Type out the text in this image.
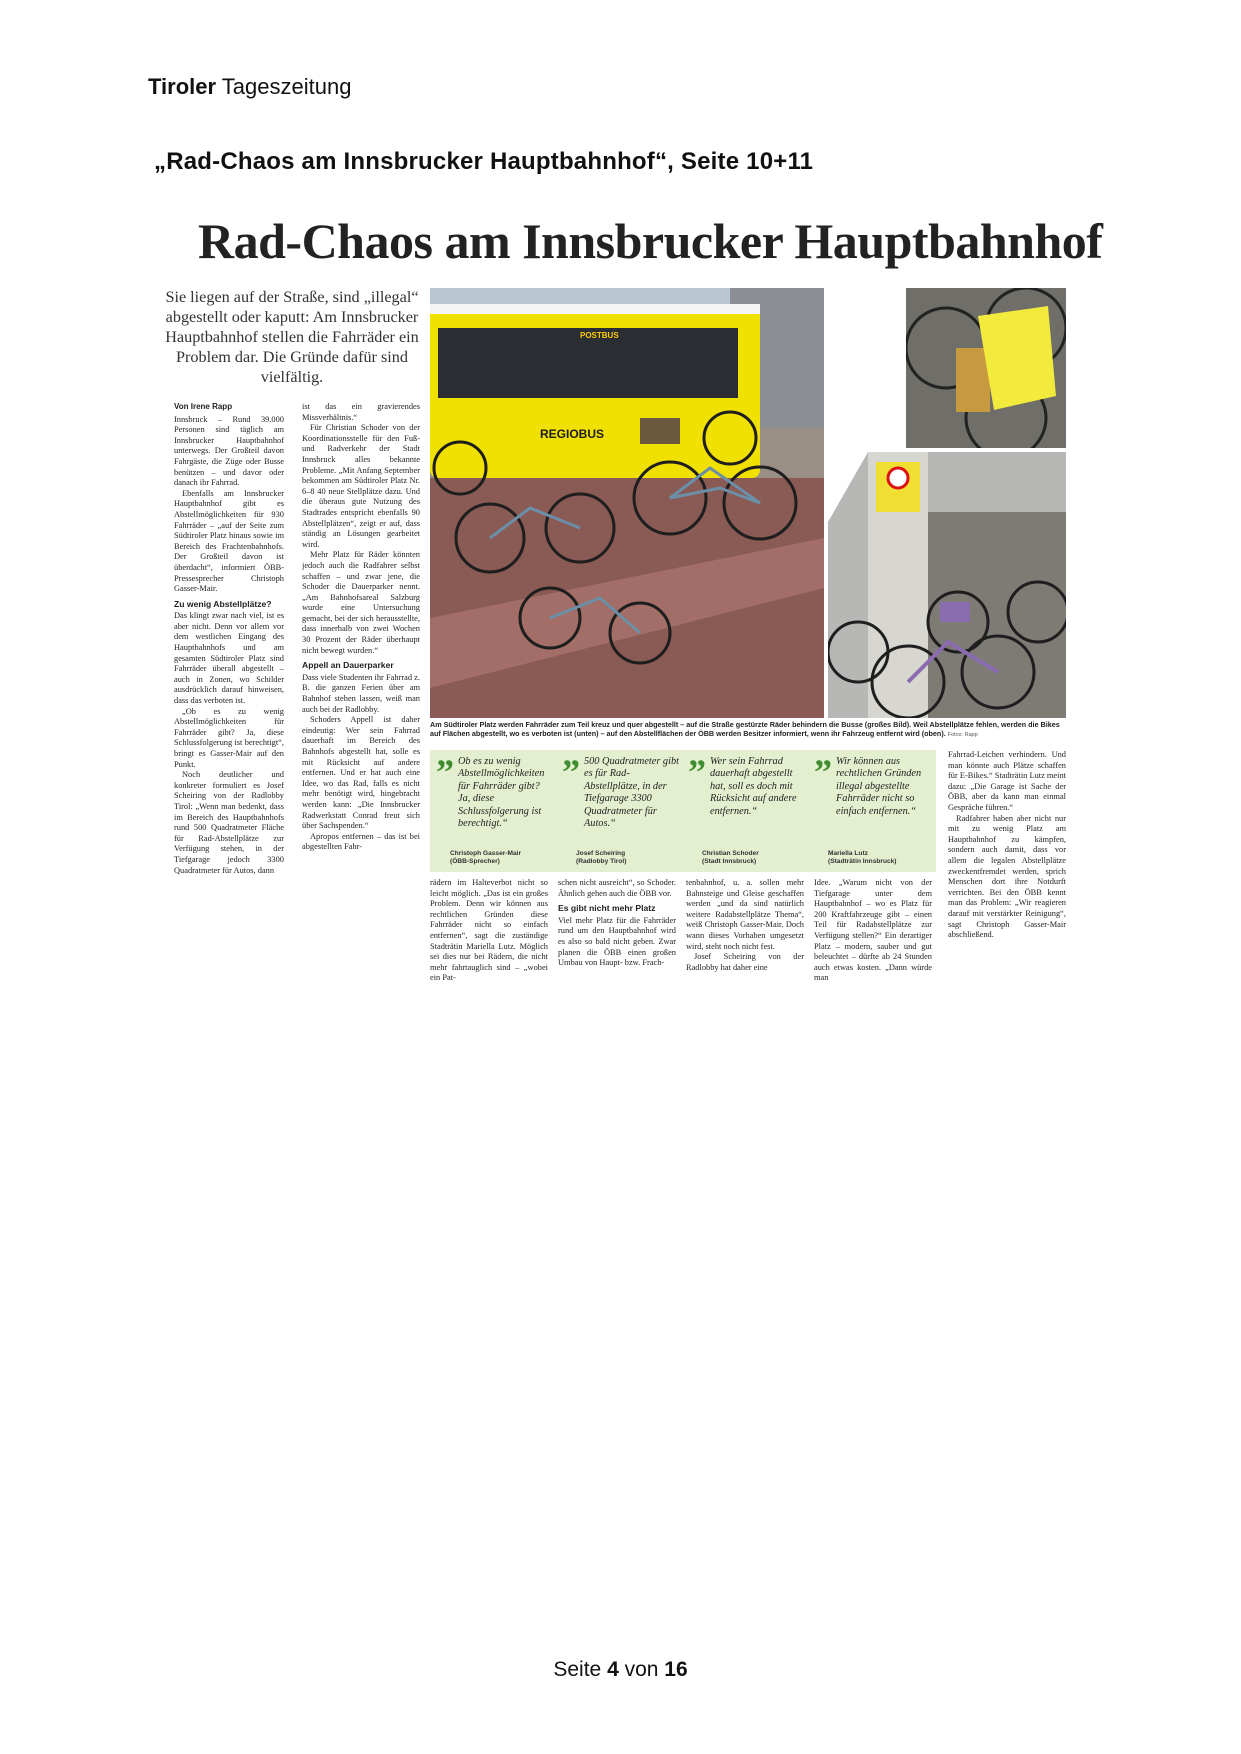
Tiroler Tageszeitung
„Rad-Chaos am Innsbrucker Hauptbahnhof“, Seite 10+11
Rad-Chaos am Innsbrucker Hauptbahnhof
Sie liegen auf der Straße, sind „illegal“ abgestellt oder kaputt: Am Innsbrucker Hauptbahnhof stellen die Fahrräder ein Problem dar. Die Gründe dafür sind vielfältig.
Von Irene Rapp

Innsbruck – Rund 39.000 Personen sind täglich am Innsbrucker Hauptbahnhof unterwegs. Der Großteil davon Fahrgäste, die Züge oder Busse benützen – und davor oder danach ihr Fahrrad.

Ebenfalls am Innsbrucker Hauptbahnhof gibt es Abstellmöglichkeiten für 930 Fahrräder – „auf der Seite zum Südtiroler Platz hinaus sowie im Bereich des Frachtenbahnhofs. Der Großteil davon ist überdacht“, informiert ÖBB-Pressesprecher Christoph Gasser-Mair.

Zu wenig Abstellplätze?

Das klingt zwar nach viel, ist es aber nicht. Denn vor allem vor dem westlichen Eingang des Hauptbahnhofs und am gesamten Südtiroler Platz sind Fahrräder überall abgestellt – auch in Zonen, wo Schilder ausdrücklich darauf hinweisen, dass das verboten ist.

„Ob es zu wenig Abstellmöglichkeiten für Fahrräder gibt? Ja, diese Schlussfolgerung ist berechtigt“, bringt es Gasser-Mair auf den Punkt.

Noch deutlicher und konkreter formuliert es Josef Scheiring von der Radlobby Tirol: „Wenn man bedenkt, dass im Bereich des Hauptbahnhofs rund 500 Quadratmeter Fläche für Rad-Abstellplätze zur Verfügung stehen, in der Tiefgarage jedoch 3300 Quadratmeter für Autos, dann

ist das ein gravierendes Missverhältnis.“

Für Christian Schoder von der Koordinationsstelle für den Fuß- und Radverkehr der Stadt Innsbruck alles bekannte Probleme. „Mit Anfang September bekommen am Südtiroler Platz Nr. 6–8 40 neue Stellplätze dazu. Und die überaus gute Nutzung des Stadtrades entspricht ebenfalls 90 Abstellplätzen“, zeigt er auf, dass ständig an Lösungen gearbeitet wird.

Mehr Platz für Räder könnten jedoch auch die Radfahrer selbst schaffen – und zwar jene, die Schoder die Dauerparker nennt. „Am Bahnhofsareal Salzburg wurde eine Untersuchung gemacht, bei der sich herausstellte, dass innerhalb von zwei Wochen 30 Prozent der Räder überhaupt nicht bewegt wurden.“

Appell an Dauerparker

Dass viele Studenten ihr Fahrrad z. B. die ganzen Ferien über am Bahnhof stehen lassen, weiß man auch bei der Radlobby.

Schoders Appell ist daher eindeutig: Wer sein Fahrrad dauerhaft im Bereich des Bahnhofs abgestellt hat, solle es mit Rücksicht auf andere entfernen. Und er hat auch eine Idee, wo das Rad, falls es nicht mehr benötigt wird, hingebracht werden kann: „Die Innsbrucker Radwerkstatt Conrad freut sich über Sachspenden.“

Apropos entfernen – das ist bei abgestellten Fahr-

REGIOBUS
POSTBUS
Am Südtiroler Platz werden Fahrräder zum Teil kreuz und quer abgestellt – auf die Straße gestürzte Räder behindern die Busse (großes Bild). Weil Abstellplätze fehlen, werden die Bikes auf Flächen abgestellt, wo es verboten ist (unten) – auf den Abstellflächen der ÖBB werden Besitzer informiert, wenn ihr Fahrzeug entfernt wird (oben). Fotos: Rapp
” Ob es zu wenig Abstellmöglichkeiten für Fahrräder gibt? Ja, diese Schlussfolgerung ist berechtigt.“
Christoph Gasser-Mair
(ÖBB-Sprecher)
” 500 Quadratmeter gibt es für Rad-Abstellplätze, in der Tiefgarage 3300 Quadratmeter für Autos.“
Josef Scheiring
(Radlobby Tirol)
” Wer sein Fahrrad dauerhaft abgestellt hat, soll es doch mit Rücksicht auf andere entfernen.“
Christian Schoder
(Stadt Innsbruck)
” Wir können aus rechtlichen Gründen illegal abgestellte Fahrräder nicht so einfach entfernen.“
Mariella Lutz
(Stadträtin Innsbruck)

rädern im Halteverbot nicht so leicht möglich. „Das ist ein großes Problem. Denn wir können aus rechtlichen Gründen diese Fahrräder nicht so einfach entfernen“, sagt die zuständige Stadträtin Mariella Lutz. Möglich sei dies nur bei Rädern, die nicht mehr fahrtauglich sind – „wobei ein Pat-

schen nicht ausreicht“, so Schoder. Ähnlich gehen auch die ÖBB vor.

Es gibt nicht mehr Platz

Viel mehr Platz für die Fahrräder rund um den Hauptbahnhof wird es also so bald nicht geben. Zwar planen die ÖBB einen großen Umbau von Haupt- bzw. Frach-

tenbahnhof, u. a. sollen mehr Bahnsteige und Gleise geschaffen werden „und da sind natürlich weitere Radabstellplätze Thema“, weiß Christoph Gasser-Mair. Doch wann dieses Vorhaben umgesetzt wird, steht noch nicht fest.

Josef Scheiring von der Radlobby hat daher eine

Idee. „Warum nicht von der Tiefgarage unter dem Hauptbahnhof – wo es Platz für 200 Kraftfahrzeuge gibt – einen Teil für Radabstellplätze zur Verfügung stellen?“ Ein derartiger Platz – modern, sauber und gut beleuchtet – dürfte ab 24 Stunden auch etwas kosten. „Dann würde man

Fahrrad-Leichen verhindern. Und man könnte auch Plätze schaffen für E-Bikes.“ Stadträtin Lutz meint dazu: „Die Garage ist Sache der ÖBB, aber da kann man einmal Gespräche führen.“

Radfahrer haben aber nicht nur mit zu wenig Platz am Hauptbahnhof zu kämpfen, sondern auch damit, dass vor allem die legalen Abstellplätze zweckentfremdet werden, sprich Menschen dort ihre Notdurft verrichten. Bei den ÖBB kennt man das Problem: „Wir reagieren darauf mit verstärkter Reinigung“, sagt Christoph Gasser-Mair abschließend.

Seite 4 von 16
